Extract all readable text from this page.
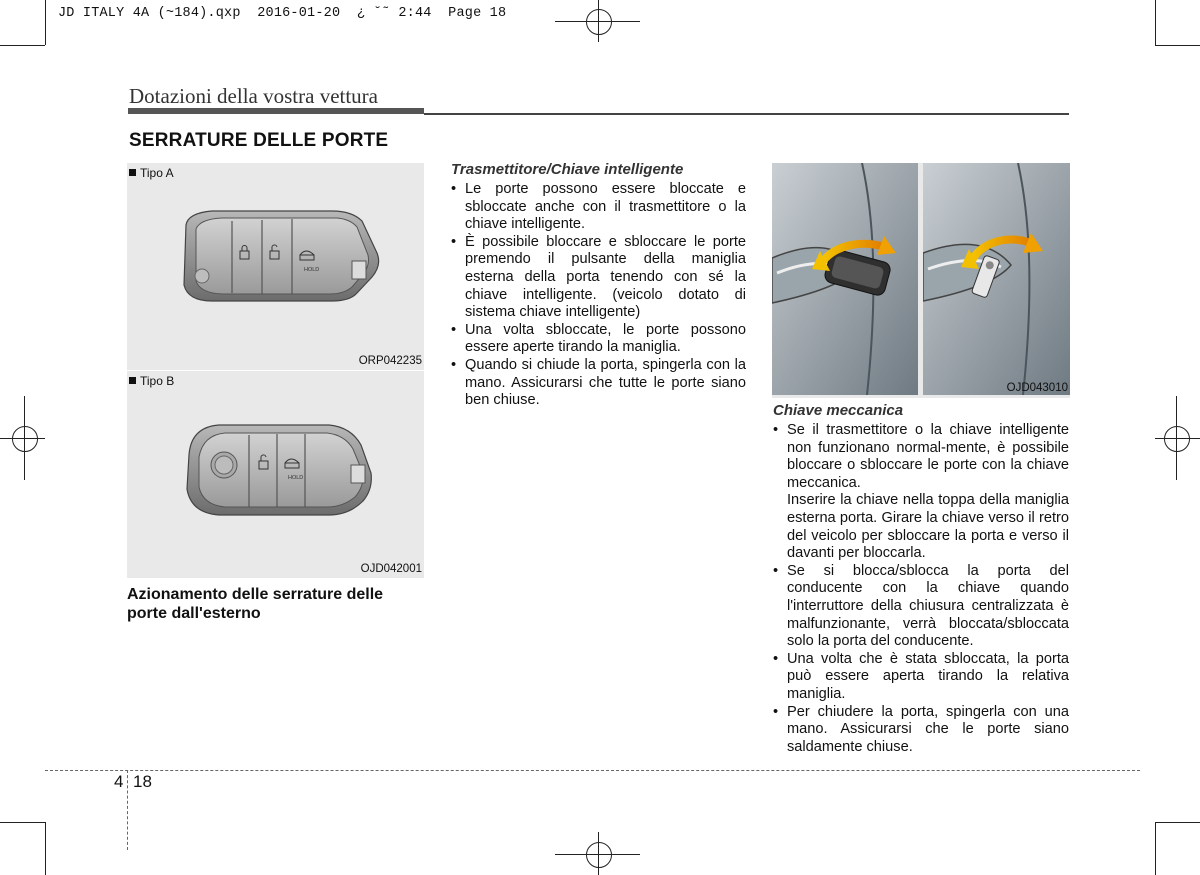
JD ITALY 4A (~184).qxp  2016-01-20  ¿ ˘˜ 2:44  Page 18
Dotazioni della vostra vettura
SERRATURE DELLE PORTE
Tipo A
HOLD
ORP042235
Tipo B
HOLD
OJD042001
Azionamento delle serrature delle porte dall'esterno
Trasmettitore/Chiave intelligente
• Le porte possono essere bloccate e sbloccate anche con il trasmettitore o la chiave intelligente.
• È possibile bloccare e sbloccare le porte premendo il pulsante della maniglia esterna della porta tenendo con sé la chiave intelligente. (veicolo dotato di sistema chiave intelligente)
• Una volta sbloccate, le porte possono essere aperte tirando la maniglia.
• Quando si chiude la porta, spingerla con la mano. Assicurarsi che tutte le porte siano ben chiuse.
OJD043010
Chiave meccanica
• Se il trasmettitore o la chiave intelligente non funzionano normal-mente, è possibile bloccare o sbloccare le porte con la chiave meccanica.

Inserire la chiave nella toppa della maniglia esterna porta. Girare la chiave verso il retro del veicolo per sbloccare la porta e verso il davanti per bloccarla.

• Se si blocca/sblocca la porta del conducente con la chiave quando l'interruttore della chiusura centralizzata è malfunzionante, verrà bloccata/sbloccata solo la porta del conducente.
• Una volta che è stata sbloccata, la porta può essere aperta tirando la relativa maniglia.
• Per chiudere la porta, spingerla con una mano. Assicurarsi che le porte siano saldamente chiuse.
4 18
